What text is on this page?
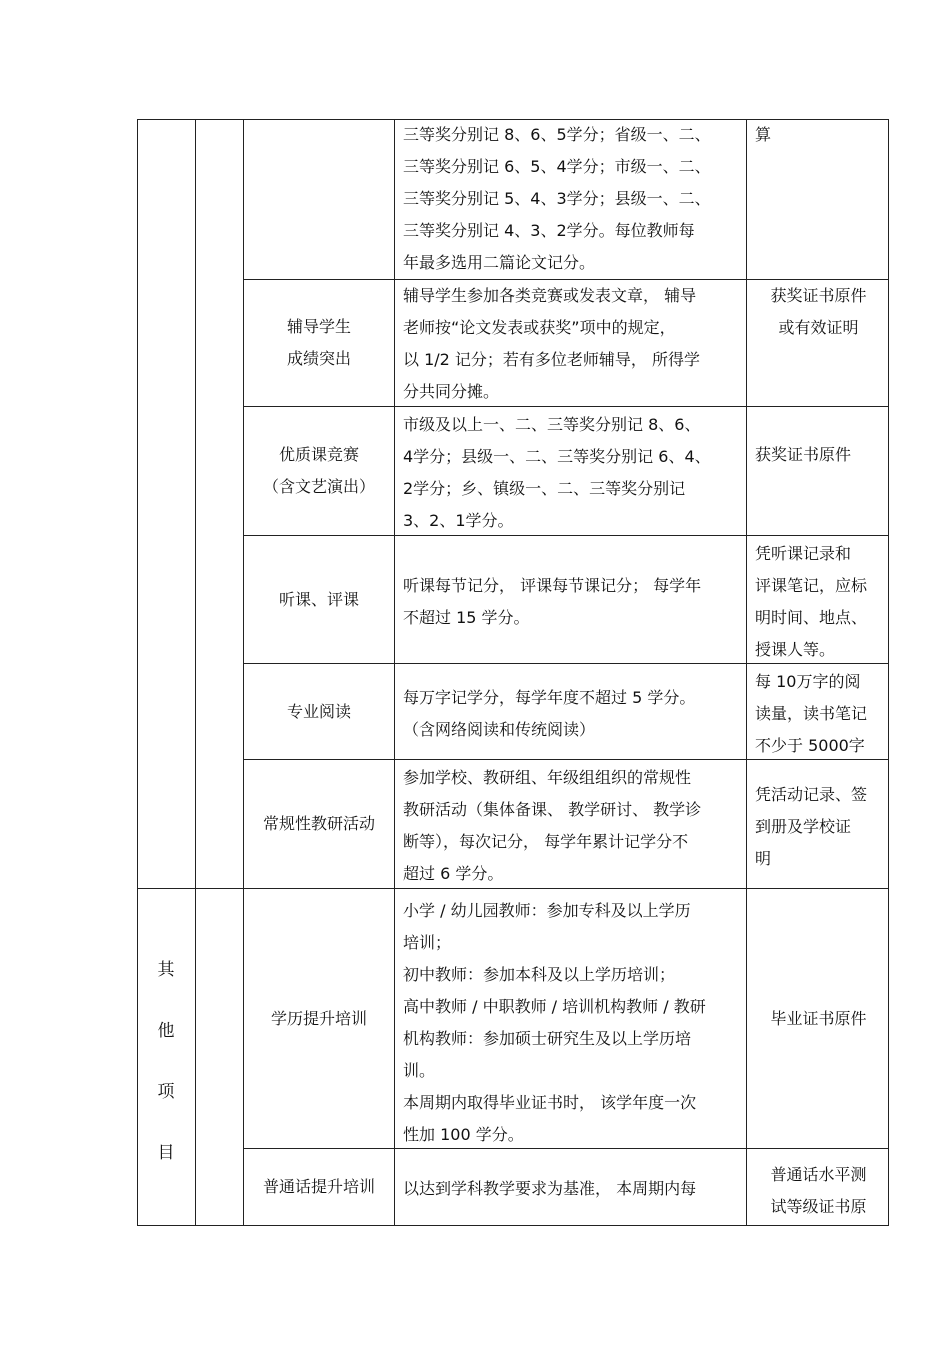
三等奖分别记 8、6、5学分；省级一、二、
三等奖分别记 6、5、4学分；市级一、二、
三等奖分别记 5、4、3学分；县级一、二、
三等奖分别记 4、3、2学分。每位教师每
年最多选用二篇论文记分。
算
辅导学生
成绩突出
辅导学生参加各类竞赛或发表文章， 辅导
老师按“论文发表或获奖”项中的规定，
以 1/2 记分；若有多位老师辅导， 所得学
分共同分摊。
获奖证书原件
或有效证明
优质课竞赛
（含文艺演出）
市级及以上一、二、三等奖分别记 8、6、
4学分；县级一、二、三等奖分别记 6、4、
2学分；乡、镇级一、二、三等奖分别记
3、2、1学分。
获奖证书原件
听课、评课
听课每节记分， 评课每节课记分； 每学年
不超过 15 学分。
凭听课记录和
评课笔记，应标
明时间、地点、
授课人等。
专业阅读
每万字记学分，每学年度不超过 5 学分。
（含网络阅读和传统阅读）
每 10万字的阅
读量，读书笔记
不少于 5000字
常规性教研活动
参加学校、教研组、年级组组织的常规性
教研活动（集体备课、 教学研讨、 教学诊
断等），每次记分， 每学年累计记学分不
超过 6 学分。
凭活动记录、签
到册及学校证
明
其
他
项
目
学历提升培训
小学 / 幼儿园教师：参加专科及以上学历
培训；
初中教师：参加本科及以上学历培训；
高中教师 / 中职教师 / 培训机构教师 / 教研
机构教师：参加硕士研究生及以上学历培
训。
本周期内取得毕业证书时， 该学年度一次
性加 100 学分。
毕业证书原件
普通话提升培训 以达到学科教学要求为基准， 本周期内每
普通话水平测
试等级证书原
